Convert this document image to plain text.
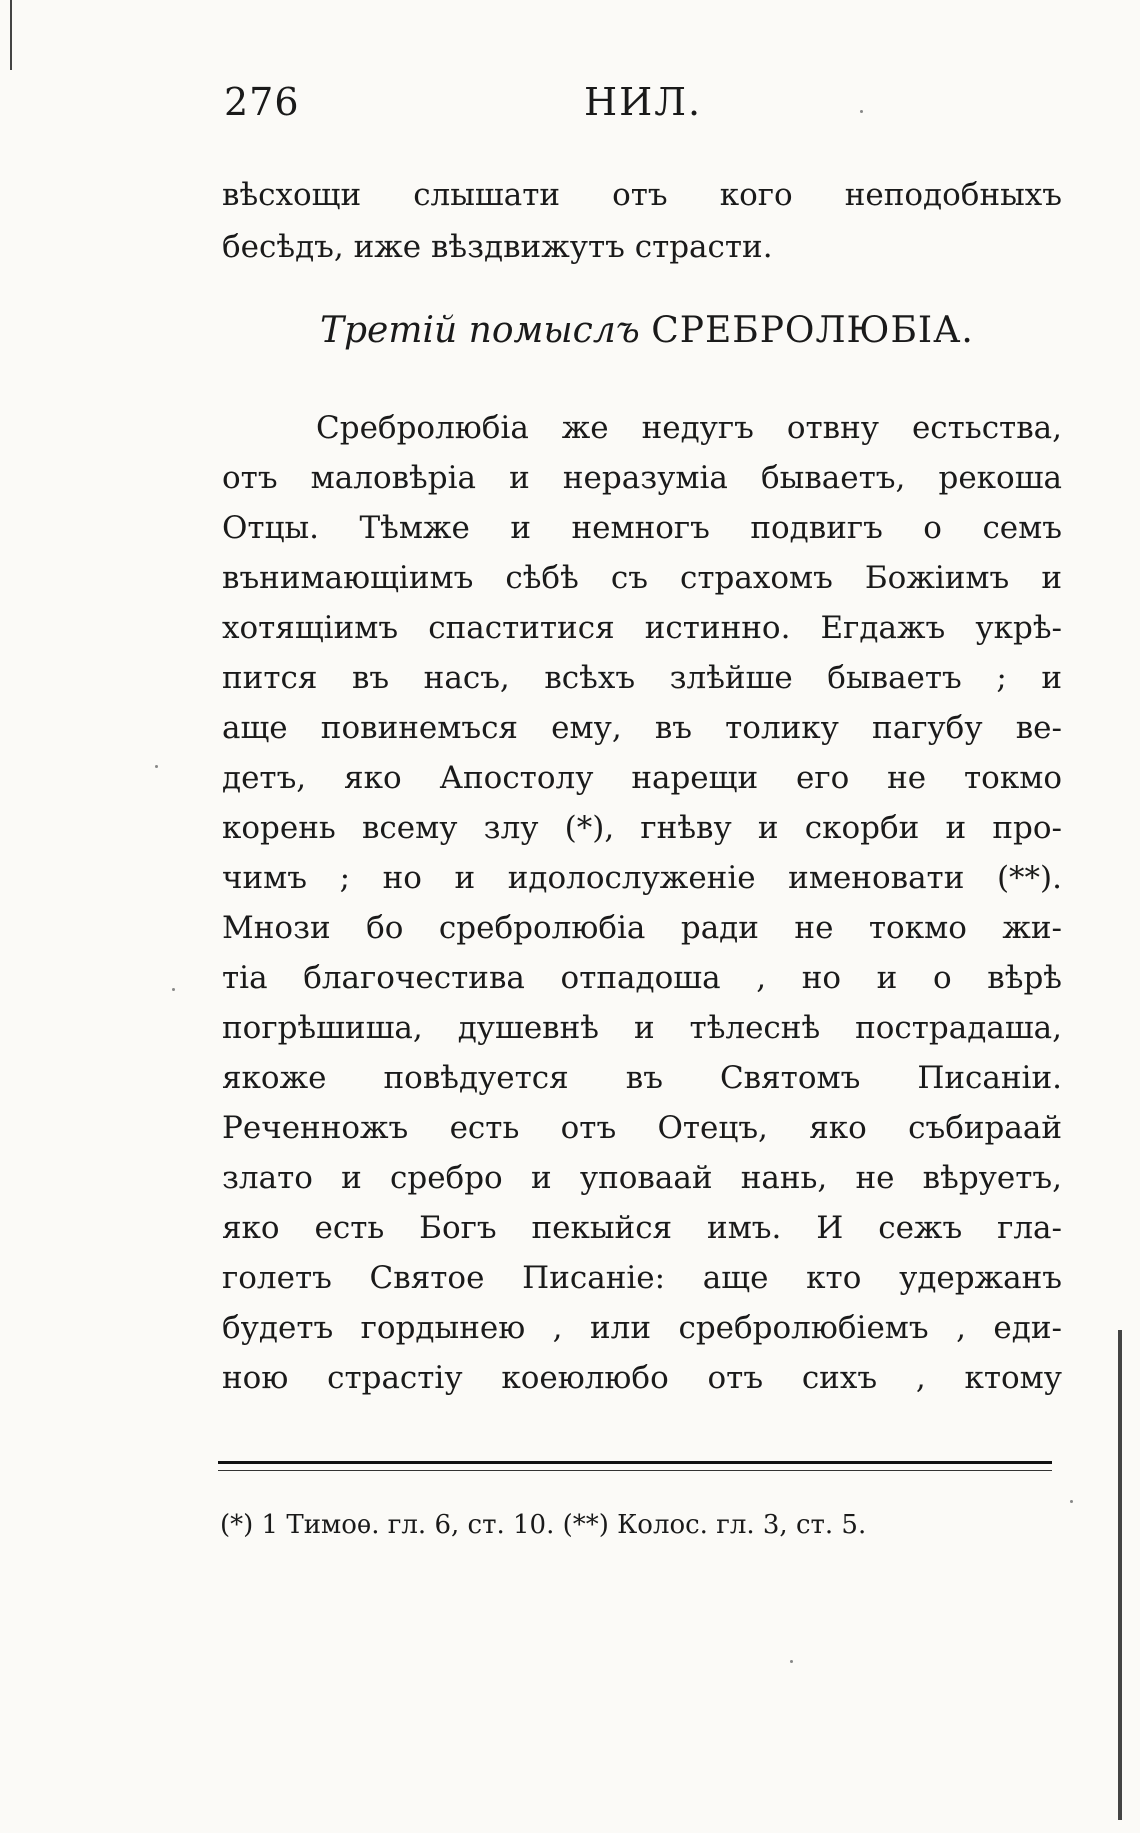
276	НИЛ.
вѣсхощи слышати отъ кого неподобныхъ
бесѣдъ, иже вѣздвижутъ страсти.
Третiй помыслъ СРЕБРОЛЮБIА.
Сребролюбiа же недугъ отвну естьства,
отъ маловѣрiа и неразумiа бываетъ, рекоша
Отцы. Тѣмже и немногъ подвигъ о семъ
вънимающiимъ сѣбѣ съ страхомъ Божiимъ и
хотящiимъ спаститися истинно. Егдажъ укрѣ-
пится въ насъ, всѣхъ злѣйше бываетъ ; и
аще повинемъся ему, въ толику пагубу ве-
детъ, яко Апостолу нарещи его не токмо
корень всему злу (*), гнѣву и скорби и про-
чимъ ; но и идолослуженiе именовати (**).
Мнози бо сребролюбiа ради не токмо жи-
тiа благочестива отпадоша , но и о вѣрѣ
погрѣшиша, душевнѣ и тѣлеснѣ пострадаша,
якоже повѣдуется въ Святомъ Писанiи.
Реченножъ есть отъ Отецъ, яко събираай
злато и сребро и уповаай нань, не вѣруетъ,
яко есть Богъ пекыйся имъ. И сежъ гла-
голетъ Святое Писанiе: аще кто удержанъ
будетъ гордынею , или сребролюбiемъ , еди-
ною страстiу коеюлюбо отъ сихъ , ктому
(*) 1 Тимоѳ. гл. 6, ст. 10. (**) Колос. гл. 3, ст. 5.
